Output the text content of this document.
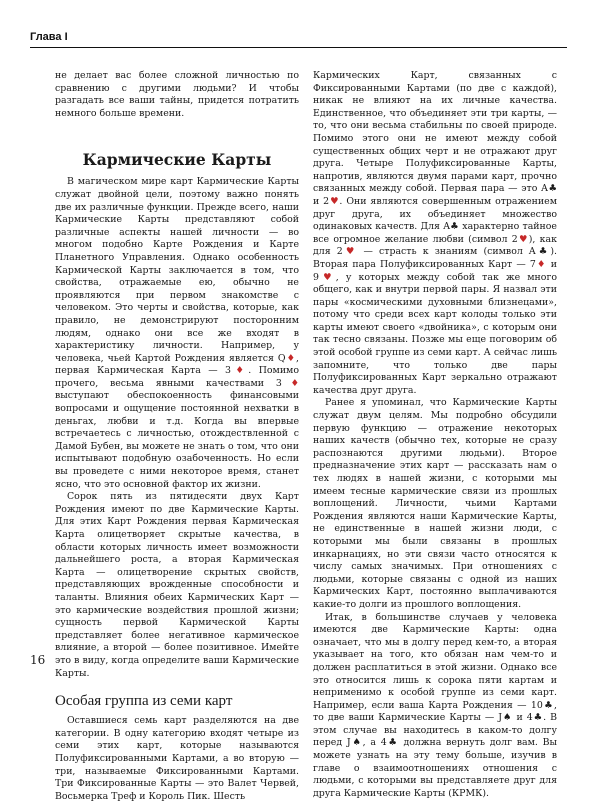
Глава I

не делает вас более сложной личностью по сравнению с другими людьми? И чтобы разгадать все ваши тайны, придется потратить немного больше времени.

Кармические Карты

В магическом мире карт Кармические Карты служат двойной цели, поэтому важно понять две их различные функции. Прежде всего, наши Кармические Карты представляют собой различные аспекты нашей личности — во многом подобно Карте Рождения и Карте Планетного Управления. Однако особенность Кармической Карты заключается в том, что свойства, отражаемые ею, обычно не проявляются при первом знакомстве с человеком. Это черты и свойства, которые, как правило, не демонстрируют посторонним людям, однако они все же входят в характеристику личности. Например, у человека, чьей Картой Рождения является Q♦, первая Кармическая Карта — 3♦. Помимо прочего, весьма явными качествами 3♦ выступают обеспокоенность финансовыми вопросами и ощущение постоянной нехватки в деньгах, любви и т.д. Когда вы впервые встречаетесь с личностью, отождествленной с Дамой Бубен, вы можете не знать о том, что они испытывают подобную озабоченность. Но если вы проведете с ними некоторое время, станет ясно, что это основной фактор их жизни.

Сорок пять из пятидесяти двух Карт Рождения имеют по две Кармические Карты. Для этих Карт Рождения первая Кармическая Карта олицетворяет скрытые качества, в области которых личность имеет возможности дальнейшего роста, а вторая Кармическая Карта — олицетворение скрытых свойств, представляющих врожденные способности и таланты. Влияния обеих Кармических Карт — это кармические воздействия прошлой жизни; сущность первой Кармической Карты представляет более негативное кармическое влияние, а второй — более позитивное. Имейте это в виду, когда определите ваши Кармические Карты.

Особая группа из семи карт

Оставшиеся семь карт разделяются на две категории. В одну категорию входят четыре из семи этих карт, которые называются Полуфиксированными Картами, а во вторую — три, называемые Фиксированными Картами. Три Фиксированные Карты — это Валет Червей, Восьмерка Треф и Король Пик. Шесть

Кармических Карт, связанных с Фиксированными Картами (по две с каждой), никак не влияют на их личные качества. Единственное, что объединяет эти три карты, — то, что они весьма стабильны по своей природе. Помимо этого они не имеют между собой существенных общих черт и не отражают друг друга. Четыре Полуфиксированные Карты, напротив, являются двумя парами карт, прочно связанных между собой. Первая пара — это A♣ и 2♥. Они являются совершенным отражением друг друга, их объединяет множество одинаковых качеств. Для A♣ характерно тайное все огромное желание любви (символ 2♥), как для 2♥ — страсть к знаниям (символ A♣). Вторая пара Полуфиксированных Карт — 7♦ и 9♥, у которых между собой так же много общего, как и внутри первой пары. Я назвал эти пары «космическими духовными близнецами», потому что среди всех карт колоды только эти карты имеют своего «двойника», с которым они так тесно связаны. Позже мы еще поговорим об этой особой группе из семи карт. А сейчас лишь запомните, что только две пары Полуфиксированных Карт зеркально отражают качества друг друга.

Ранее я упоминал, что Кармические Карты служат двум целям. Мы подробно обсудили первую функцию — отражение некоторых наших качеств (обычно тех, которые не сразу распознаются другими людьми). Второе предназначение этих карт — рассказать нам о тех людях в нашей жизни, с которыми мы имеем тесные кармические связи из прошлых воплощений. Личности, чьими Картами Рождения являются наши Кармические Карты, не единственные в нашей жизни люди, с которыми мы были связаны в прошлых инкарнациях, но эти связи часто относятся к числу самых значимых. При отношениях с людьми, которые связаны с одной из наших Кармических Карт, постоянно выплачиваются какие-то долги из прошлого воплощения.

Итак, в большинстве случаев у человека имеются две Кармические Карты: одна означает, что мы в долгу перед кем-то, а вторая указывает на того, кто обязан нам чем-то и должен расплатиться в этой жизни. Однако все это относится лишь к сорока пяти картам и неприменимо к особой группе из семи карт. Например, если ваша Карта Рождения — 10♣, то две ваши Кармические Карты — J♠ и 4♣. В этом случае вы находитесь в каком-то долгу перед J♠, а 4♣ должна вернуть долг вам. Вы можете узнать на эту тему больше, изучив в главе о взаимоотношениях отношения с людьми, с которыми вы представляете друг для друга Кармические Карты (КРМК).

16
